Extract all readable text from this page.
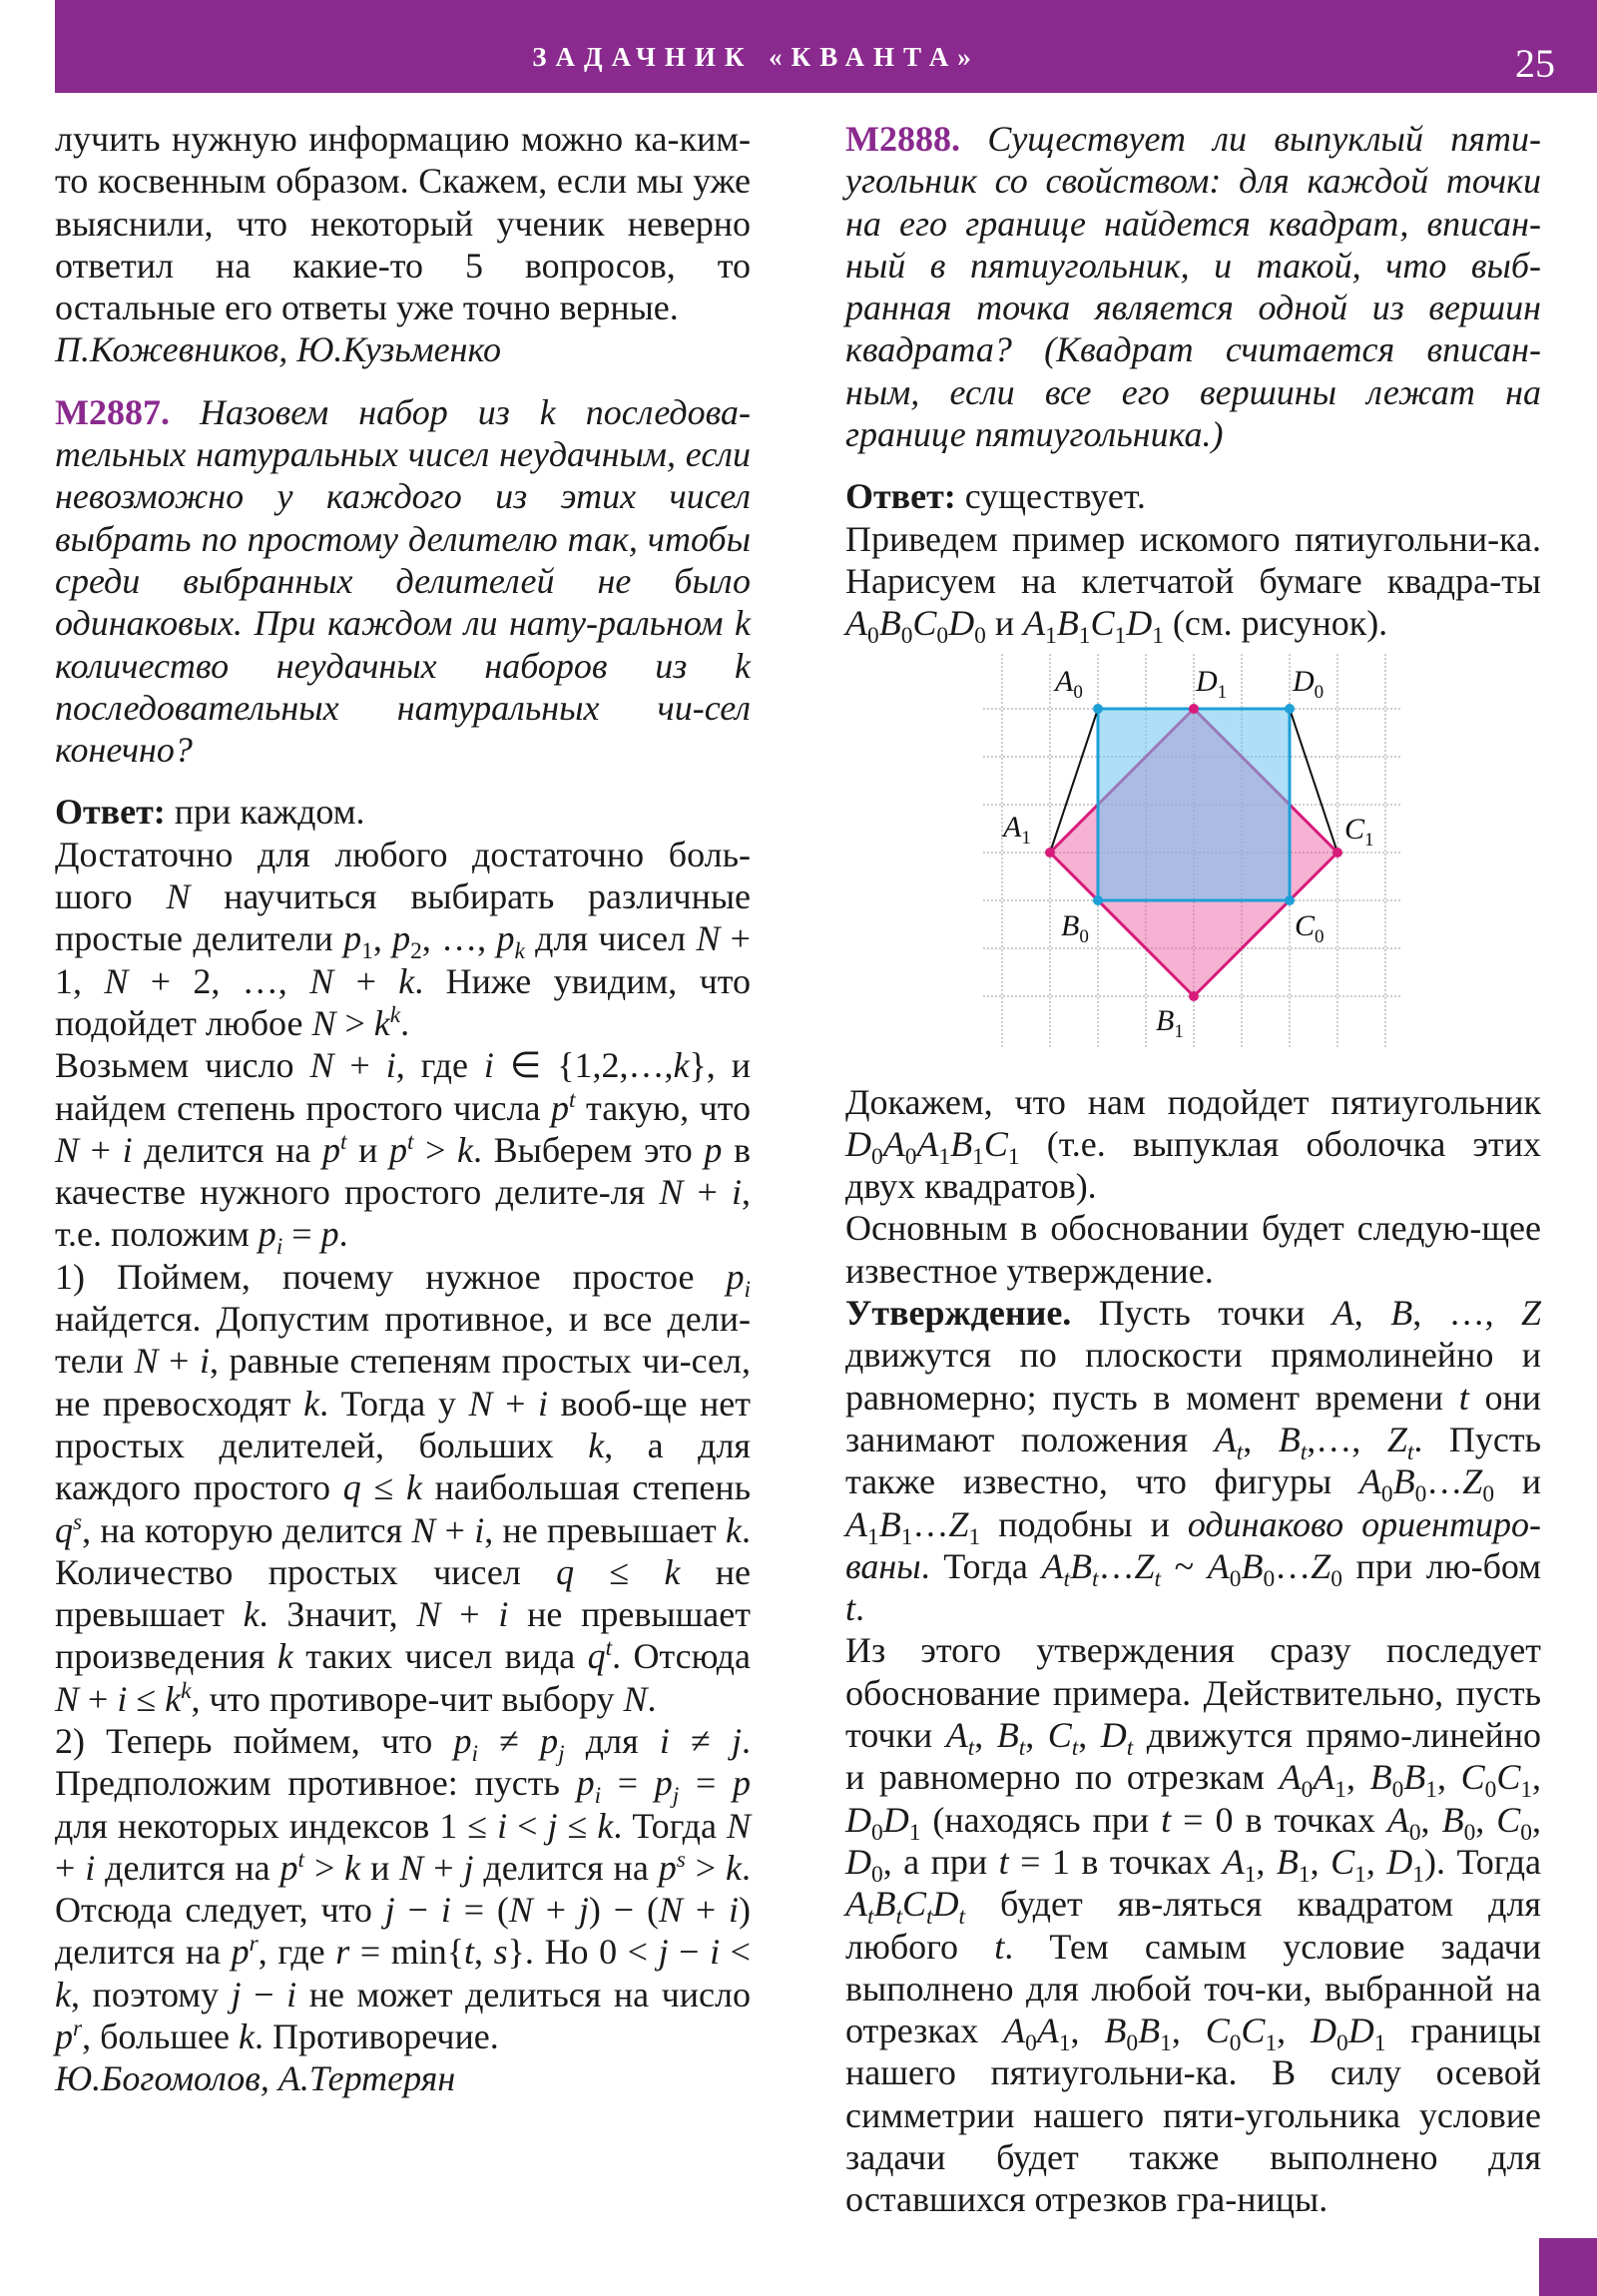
ЗАДАЧНИК «КВАНТА»	25

лучить нужную информацию можно ка-ким-то косвенным образом. Скажем, если мы уже выяснили, что некоторый ученик неверно ответил на какие-то 5 вопросов, то остальные его ответы уже точно верные.

П.Кожевников, Ю.Кузьменко

М2887. Назовем набор из k последова-тельных натуральных чисел неудачным, если невозможно у каждого из этих чисел выбрать по простому делителю так, чтобы среди выбранных делителей не было одинаковых. При каждом ли нату-ральном k количество неудачных наборов из k последовательных натуральных чи-сел конечно?

Ответ: при каждом.

Достаточно для любого достаточно боль-шого N научиться выбирать различные простые делители $p_1$, $p_2$, …, $p_k$ для чисел N + 1, N + 2, …, N + k. Ниже увидим, что подойдет любое $N > k^k$.

Возьмем число N + i, где i ∈ {1,2,…,k}, и найдем степень простого числа $p^t$ такую, что N + i делится на $p^t$ и $p^t > k$. Выберем это p в качестве нужного простого делите-ля N + i, т.е. положим $p_i = p$.

1) Поймем, почему нужное простое $p_i$ найдется. Допустим противное, и все дели-тели N + i, равные степеням простых чи-сел, не превосходят k. Тогда у N + i вооб-ще нет простых делителей, больших k, а для каждого простого q ≤ k наибольшая степень $q^s$, на которую делится N + i, не превышает k. Количество простых чисел q ≤ k не превышает k. Значит, N + i не превышает произведения k таких чисел вида $q^t$. Отсюда $N + i \le k^k$, что противоре-чит выбору N.

2) Теперь поймем, что $p_i \ne p_j$ для i ≠ j. Предположим противное: пусть $p_i = p_j = p$ для некоторых индексов 1 ≤ i < j ≤ k. Тогда N + i делится на $p^t > k$ и N + j делится на $p^s > k$. Отсюда следует, что j − i = (N + j) − (N + i) делится на $p^r$, где r = min{t, s}. Но 0 < j − i < k, поэтому j − i не может делиться на число $p^r$, большее k. Противоречие.

Ю.Богомолов, А.Тертерян

М2888. Существует ли выпуклый пяти-угольник со свойством: для каждой точки на его границе найдется квадрат, вписан-ный в пятиугольник, и такой, что выб-ранная точка является одной из вершин квадрата? (Квадрат считается вписан-ным, если все его вершины лежат на границе пятиугольника.)

Ответ: существует.

Приведем пример искомого пятиугольни-ка. Нарисуем на клетчатой бумаге квадра-ты $A_0B_0C_0D_0$ и $A_1B_1C_1D_1$ (см. рисунок).

Докажем, что нам подойдет пятиугольник $D_0A_0A_1B_1C_1$ (т.е. выпуклая оболочка этих двух квадратов).

Основным в обосновании будет следую-щее известное утверждение.

Утверждение. Пусть точки A, B, …, Z движутся по плоскости прямолинейно и равномерно; пусть в момент времени t они занимают положения $A_t$, $B_t,\dots$, $Z_t$. Пусть также известно, что фигуры $A_0B_0\dots Z_0$ и $A_1B_1\dots Z_1$ подобны и одинаково ориентиро-ваны. Тогда $A_tB_t\dots Z_t$ ~ $A_0B_0\dots Z_0$ при лю-бом t.

Из этого утверждения сразу последует обоснование примера. Действительно, пусть точки $A_t$, $B_t$, $C_t$, $D_t$ движутся прямо-линейно и равномерно по отрезкам $A_0A_1$, $B_0B_1$, $C_0C_1$, $D_0D_1$ (находясь при t = 0 в точках $A_0$, $B_0$, $C_0$, $D_0$, а при t = 1 в точках $A_1$, $B_1$, $C_1$, $D_1$). Тогда $A_tB_tC_tD_t$ будет яв-ляться квадратом для любого t. Тем самым условие задачи выполнено для любой точ-ки, выбранной на отрезках $A_0A_1$, $B_0B_1$, $C_0C_1$, $D_0D_1$ границы нашего пятиугольни-ка. В силу осевой симметрии нашего пяти-угольника условие задачи будет также выполнено для оставшихся отрезков гра-ницы.

$A_0$	$D_1$ $D_0$
$A_1$	$C_1$
$B_0$	$C_0$
$B_1$
